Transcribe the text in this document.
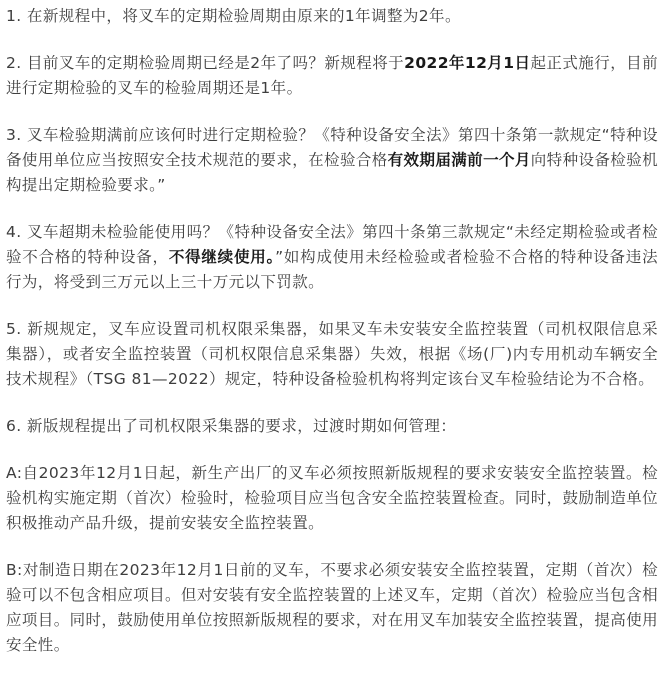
1. 在新规程中，将叉车的定期检验周期由原来的1年调整为2年。

2. 目前叉车的定期检验周期已经是2年了吗？新规程将于2022年12月1日起正式施行，目前进行定期检验的叉车的检验周期还是1年。

3. 叉车检验期满前应该何时进行定期检验？《特种设备安全法》第四十条第一款规定“特种设备使用单位应当按照安全技术规范的要求，在检验合格有效期届满前一个月向特种设备检验机构提出定期检验要求。”

4. 叉车超期未检验能使用吗？《特种设备安全法》第四十条第三款规定“未经定期检验或者检验不合格的特种设备，不得继续使用。”如构成使用未经检验或者检验不合格的特种设备违法行为，将受到三万元以上三十万元以下罚款。

5. 新规规定，叉车应设置司机权限采集器，如果叉车未安装安全监控装置（司机权限信息采集器），或者安全监控装置（司机权限信息采集器）失效，根据《场(厂)内专用机动车辆安全技术规程》（TSG 81—2022）规定，特种设备检验机构将判定该台叉车检验结论为不合格。

6. 新版规程提出了司机权限采集器的要求，过渡时期如何管理：

A:自2023年12月1日起，新生产出厂的叉车必须按照新版规程的要求安装安全监控装置。检验机构实施定期（首次）检验时，检验项目应当包含安全监控装置检查。同时，鼓励制造单位积极推动产品升级，提前安装安全监控装置。

B:对制造日期在2023年12月1日前的叉车，不要求必须安装安全监控装置，定期（首次）检验可以不包含相应项目。但对安装有安全监控装置的上述叉车，定期（首次）检验应当包含相应项目。同时，鼓励使用单位按照新版规程的要求，对在用叉车加装安全监控装置，提高使用安全性。
